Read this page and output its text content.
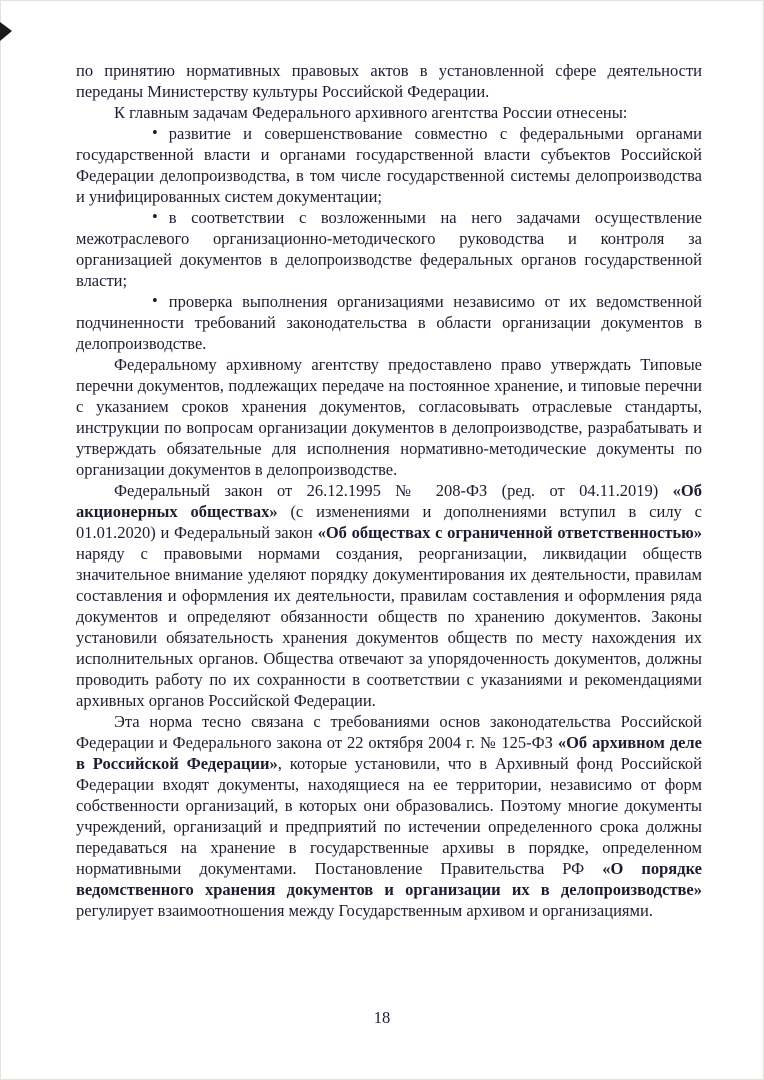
по принятию нормативных правовых актов в установленной сфере деятельности переданы Министерству культуры Российской Федерации.

К главным задачам Федерального архивного агентства России отнесены:

• развитие и совершенствование совместно с федеральными органами государственной власти и органами государственной власти субъектов Российской Федерации делопроизводства, в том числе государственной системы делопроизводства и унифицированных систем документации;

• в соответствии с возложенными на него задачами осуществление межотраслевого организационно-методического руководства и контроля за организацией документов в делопроизводстве федеральных органов государственной власти;

• проверка выполнения организациями независимо от их ведомственной подчиненности требований законодательства в области организации документов в делопроизводстве.

Федеральному архивному агентству предоставлено право утверждать Типовые перечни документов, подлежащих передаче на постоянное хранение, и типовые перечни с указанием сроков хранения документов, согласовывать отраслевые стандарты, инструкции по вопросам организации документов в делопроизводстве, разрабатывать и утверждать обязательные для исполнения нормативно-методические документы по организации документов в делопроизводстве.

Федеральный закон от 26.12.1995 № 208-ФЗ (ред. от 04.11.2019) «Об акционерных обществах» (с изменениями и дополнениями вступил в силу с 01.01.2020) и Федеральный закон «Об обществах с ограниченной ответственностью» наряду с правовыми нормами создания, реорганизации, ликвидации обществ значительное внимание уделяют порядку документирования их деятельности, правилам составления и оформления их деятельности, правилам составления и оформления ряда документов и определяют обязанности обществ по хранению документов. Законы установили обязательность хранения документов обществ по месту нахождения их исполнительных органов. Общества отвечают за упорядоченность документов, должны проводить работу по их сохранности в соответствии с указаниями и рекомендациями архивных органов Российской Федерации.

Эта норма тесно связана с требованиями основ законодательства Российской Федерации и Федерального закона от 22 октября 2004 г. № 125-ФЗ «Об архивном деле в Российской Федерации», которые установили, что в Архивный фонд Российской Федерации входят документы, находящиеся на ее территории, независимо от форм собственности организаций, в которых они образовались. Поэтому многие документы учреждений, организаций и предприятий по истечении определенного срока должны передаваться на хранение в государственные архивы в порядке, определенном нормативными документами. Постановление Правительства РФ «О порядке ведомственного хранения документов и организации их в делопроизводстве» регулирует взаимоотношения между Государственным архивом и организациями.

18
